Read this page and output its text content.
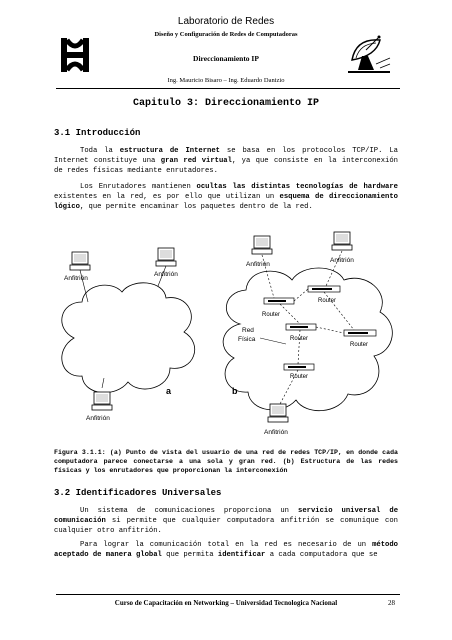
Laboratorio de Redes
Diseño y Configuración de Redes de Computadoras
Direccionamiento IP
Ing. Mauricio Bisaro – Ing. Eduardo Danizio
Capitulo 3: Direccionamiento IP
3.1 Introducción
Toda la estructura de Internet se basa en los protocolos TCP/IP. La Internet constituye una gran red virtual, ya que consiste en la interconexión de redes físicas mediante enrutadores.
Los Enrutadores mantienen ocultas las distintas tecnologías de hardware existentes en la red, es por ello que utilizan un esquema de direccionamiento lógico, que permite encaminar los paquetes dentro de la red.
Anfitrión
Anfitrión
Anfitrión
Anfitrión
Anfitrión
Anfitrión
Router
Router
Router
Router
Router
Red
Física
a	b
Figura 3.1.1: (a) Punto de vista del usuario de una red de redes TCP/IP, en donde cada computadora parece conectarse a una sola y gran red. (b) Estructura de las redes físicas y los enrutadores que proporcionan la interconexión
3.2 Identificadores Universales
Un sistema de comunicaciones proporciona un servicio universal de comunicación si permite que cualquier computadora anfitrión se comunique con cualquier otro anfitrión.
Para lograr la comunicación total en la red es necesario de un método aceptado de manera global que permita identificar a cada computadora que se
Curso de Capacitación en Networking – Universidad Tecnologica Nacional	28
